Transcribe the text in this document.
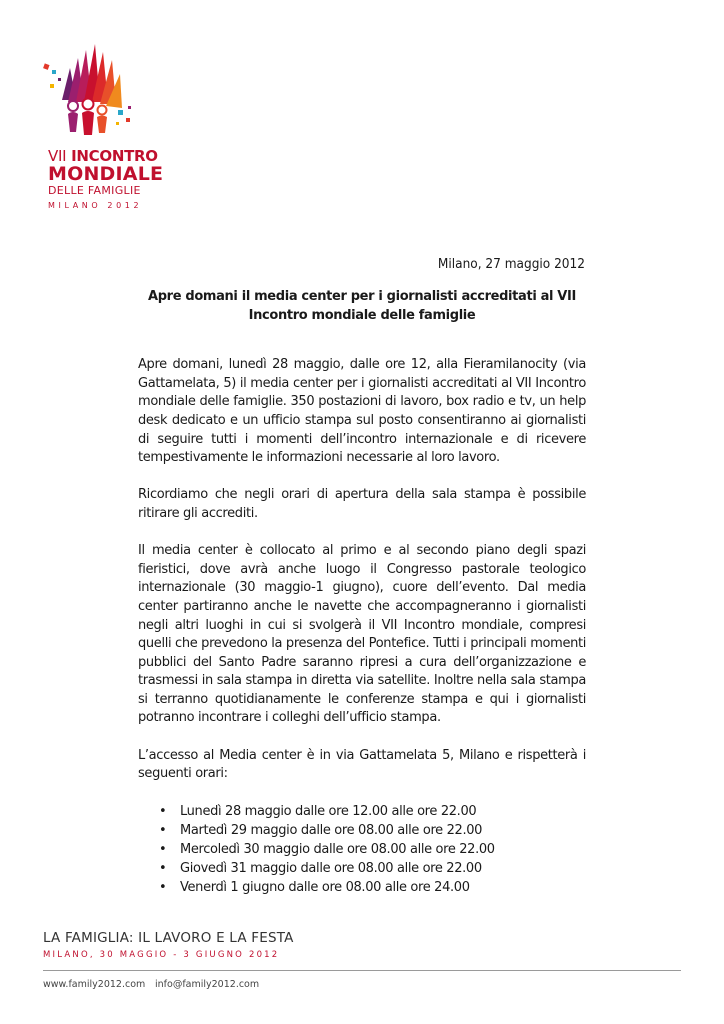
VII INCONTRO
MONDIALE
DELLE FAMIGLIE
MILANO 2012
Milano, 27 maggio 2012
Apre domani il media center per i giornalisti accreditati al VII Incontro mondiale delle famiglie

Apre domani, lunedì 28 maggio, dalle ore 12, alla Fieramilanocity (via Gattamelata, 5) il media center per i giornalisti accreditati al VII Incontro mondiale delle famiglie. 350 postazioni di lavoro, box radio e tv, un help desk dedicato e un ufficio stampa sul posto consentiranno ai giornalisti di seguire tutti i momenti dell’incontro internazionale e di ricevere tempestivamente le informazioni necessarie al loro lavoro.

Ricordiamo che negli orari di apertura della sala stampa è possibile ritirare gli accrediti.

Il media center è collocato al primo e al secondo piano degli spazi fieristici, dove avrà anche luogo il Congresso pastorale teologico internazionale (30 maggio-1 giugno), cuore dell’evento. Dal media center partiranno anche le navette che accompagneranno i giornalisti negli altri luoghi in cui si svolgerà il VII Incontro mondiale, compresi quelli che prevedono la presenza del Pontefice. Tutti i principali momenti pubblici del Santo Padre saranno ripresi a cura dell’organizzazione e trasmessi in sala stampa in diretta via satellite. Inoltre nella sala stampa si terranno quotidianamente le conferenze stampa e qui i giornalisti potranno incontrare i colleghi dell’ufficio stampa.

L’accesso al Media center è in via Gattamelata 5, Milano e rispetterà i seguenti orari:

• Lunedì 28 maggio dalle ore 12.00 alle ore 22.00
• Martedì 29 maggio dalle ore 08.00 alle ore 22.00
• Mercoledì 30 maggio dalle ore 08.00 alle ore 22.00
• Giovedì 31 maggio dalle ore 08.00 alle ore 22.00
• Venerdì 1 giugno dalle ore 08.00 alle ore 24.00
LA FAMIGLIA: IL LAVORO E LA FESTA
MILANO, 30 MAGGIO - 3 GIUGNO 2012
www.family2012.com info@family2012.com
